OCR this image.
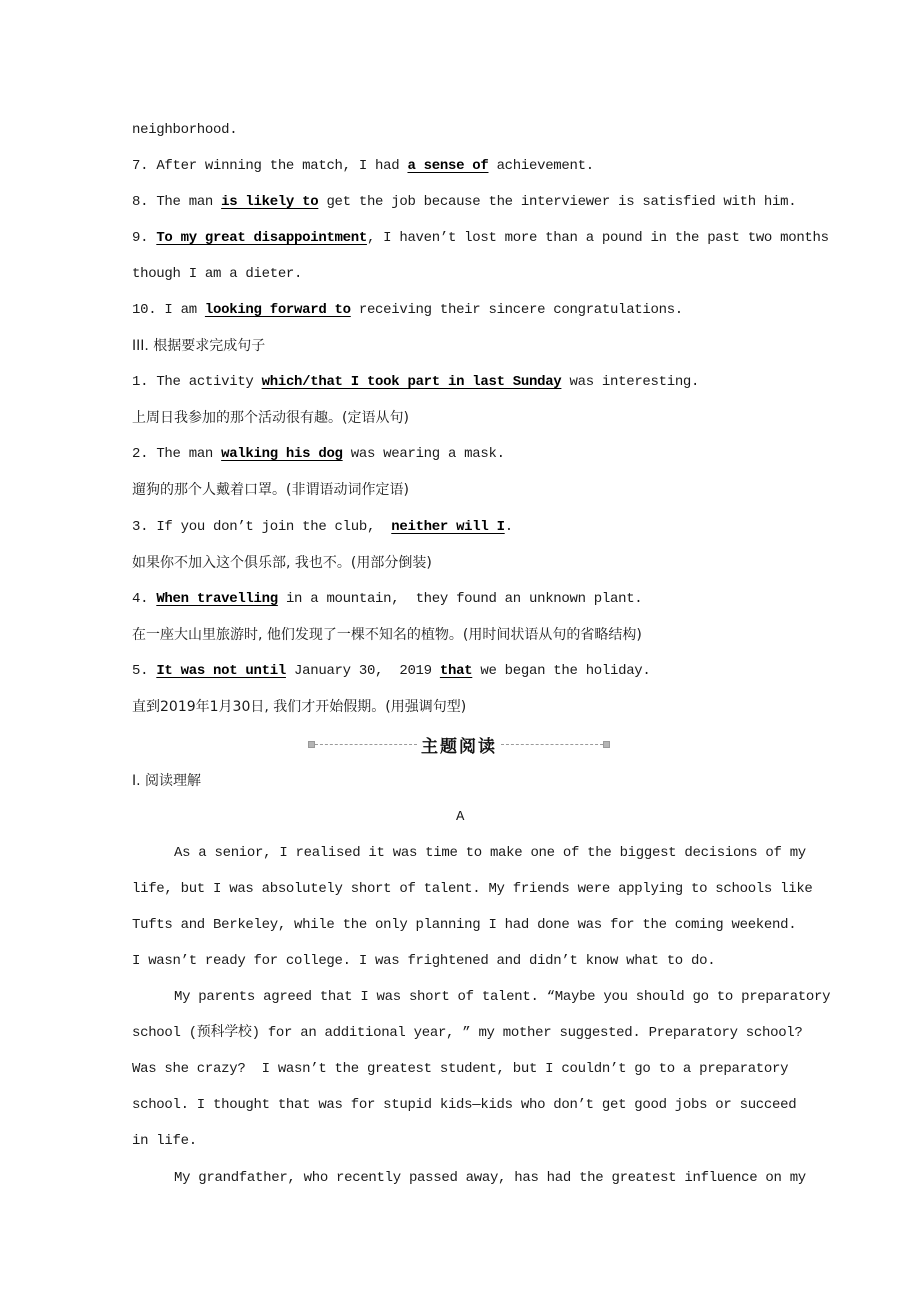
neighborhood.
7. After winning the match, I had a sense of achievement.
8. The man is likely to get the job because the interviewer is satisfied with him.
9. To my great disappointment, I haven’t lost more than a pound in the past two months
though I am a dieter.
10. I am looking forward to receiving their sincere congratulations.
III. 根据要求完成句子
1. The activity which/that I took part in last Sunday was interesting.
上周日我参加的那个活动很有趣。(定语从句)
2. The man walking his dog was wearing a mask.
遛狗的那个人戴着口罩。(非谓语动词作定语)
3. If you don’t join the club,  neither will I.
如果你不加入这个俱乐部, 我也不。(用部分倒装)
4. When travelling in a mountain,  they found an unknown plant.
在一座大山里旅游时, 他们发现了一棵不知名的植物。(用时间状语从句的省略结构)
5. It was not until January 30,  2019 that we began the holiday.
直到2019年1月30日, 我们才开始假期。(用强调句型)
主题阅读
Ⅰ. 阅读理解
A
As a senior, I realised it was time to make one of the biggest decisions of my
life, but I was absolutely short of talent. My friends were applying to schools like
Tufts and Berkeley, while the only planning I had done was for the coming weekend.
I wasn’t ready for college. I was frightened and didn’t know what to do.
My parents agreed that I was short of talent. “Maybe you should go to preparatory
school (预科学校) for an additional year, ” my mother suggested. Preparatory school?
Was she crazy?  I wasn’t the greatest student, but I couldn’t go to a preparatory
school. I thought that was for stupid kids—kids who don’t get good jobs or succeed
in life.
My grandfather, who recently passed away, has had the greatest influence on my
